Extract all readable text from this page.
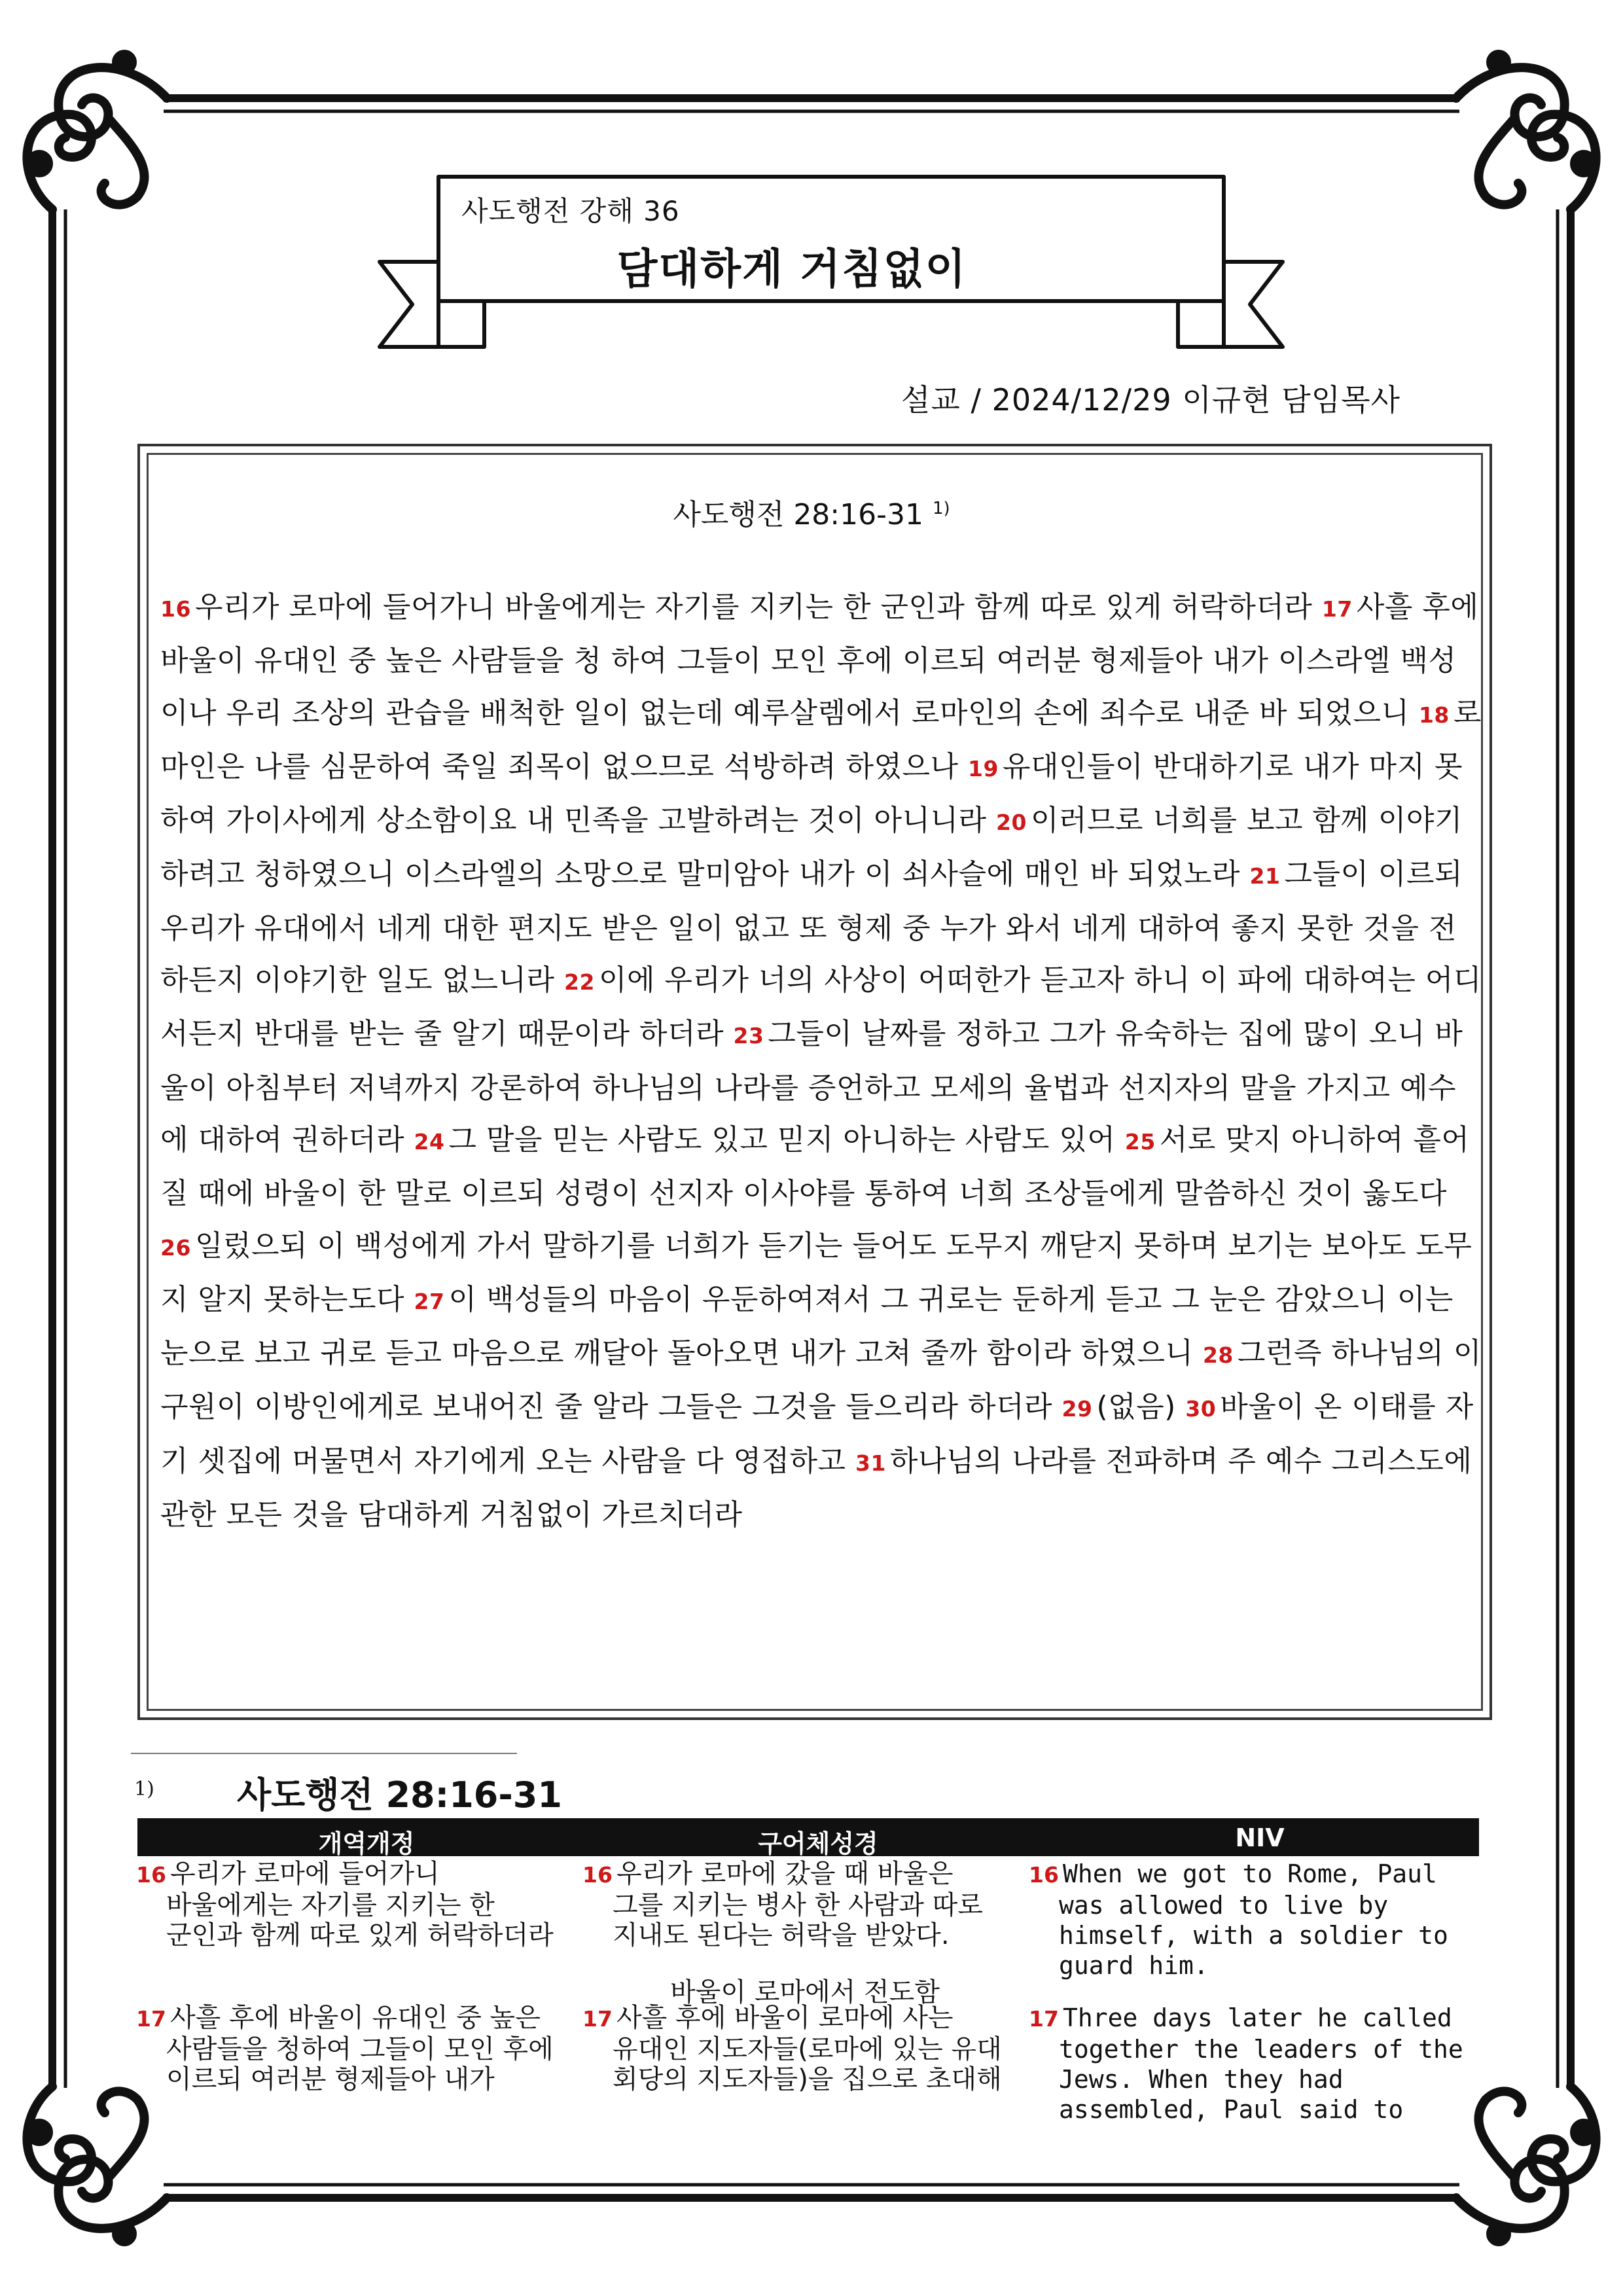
사도행전 강해 36
담대하게 거침없이
설교 / 2024/12/29 이규현 담임목사
사도행전 28:16-31 $^{1)}$
16 우리가 로마에 들어가니 바울에게는 자기를 지키는 한 군인과 함께 따로 있게 허락하더라 17 사흘 후에 바울이 유대인 중 높은 사람들을 청 하여 그들이 모인 후에 이르되 여러분 형제들아 내가 이스라엘 백성이나 우리 조상의 관습을 배척한 일이 없는데 예루살렘에서 로마인의 손에 죄수로 내준 바 되었으니 18 로마인은 나를 심문하여 죽일 죄목이 없으므로 석방하려 하였으나 19 유대인들이 반대하기로 내가 마지 못하여 가이사에게 상소함이요 내 민족을 고발하려는 것이 아니니라 20 이러므로 너희를 보고 함께 이야기하려고 청하였으니 이스라엘의 소망으로 말미암아 내가 이 쇠사슬에 매인 바 되었노라 21 그들이 이르되 우리가 유대에서 네게 대한 편지도 받은 일이 없고 또 형제 중 누가 와서 네게 대하여 좋지 못한 것을 전하든지 이야기한 일도 없느니라 22 이에 우리가 너의 사상이 어떠한가 듣고자 하니 이 파에 대하여는 어디서든지 반대를 받는 줄 알기 때문이라 하더라 23 그들이 날짜를 정하고 그가 유숙하는 집에 많이 오니 바울이 아침부터 저녁까지 강론하여 하나님의 나라를 증언하고 모세의 율법과 선지자의 말을 가지고 예수에 대하여 권하더라 24 그 말을 믿는 사람도 있고 믿지 아니하는 사람도 있어 25 서로 맞지 아니하여 흩어질 때에 바울이 한 말로 이르되 성령이 선지자 이사야를 통하여 너희 조상들에게 말씀하신 것이 옳도다 26 일렀으되 이 백성에게 가서 말하기를 너희가 듣기는 들어도 도무지 깨닫지 못하며 보기는 보아도 도무지 알지 못하는도다 27 이 백성들의 마음이 우둔하여져서 그 귀로는 둔하게 듣고 그 눈은 감았으니 이는 눈으로 보고 귀로 듣고 마음으로 깨달아 돌아오면 내가 고쳐 줄까 함이라 하였으니 28 그런즉 하나님의 이 구원이 이방인에게로 보내어진 줄 알라 그들은 그것을 들으리라 하더라 29 (없음) 30 바울이 온 이태를 자기 셋집에 머물면서 자기에게 오는 사람을 다 영접하고 31 하나님의 나라를 전파하며 주 예수 그리스도에 관한 모든 것을 담대하게 거침없이 가르치더라
1) 사도행전 28:16-31
개역개정	구어체성경	NIV
16 우리가 로마에 들어가니
바울에게는 자기를 지키는 한
군인과 함께 따로 있게 허락하더라
17 사흘 후에 바울이 유대인 중 높은
사람들을 청하여 그들이 모인 후에
이르되 여러분 형제들아 내가
16 우리가 로마에 갔을 때 바울은
그를 지키는 병사 한 사람과 따로
지내도 된다는 허락을 받았다.
17 사흘 후에 바울이 로마에 사는
유대인 지도자들(로마에 있는 유대
회당의 지도자들)을 집으로 초대해
바울이 로마에서 전도함
16 When we got to Rome, Paul
was allowed to live by
himself, with a soldier to
guard him.
17 Three days later he called
together the leaders of the
Jews. When they had
assembled, Paul said to
